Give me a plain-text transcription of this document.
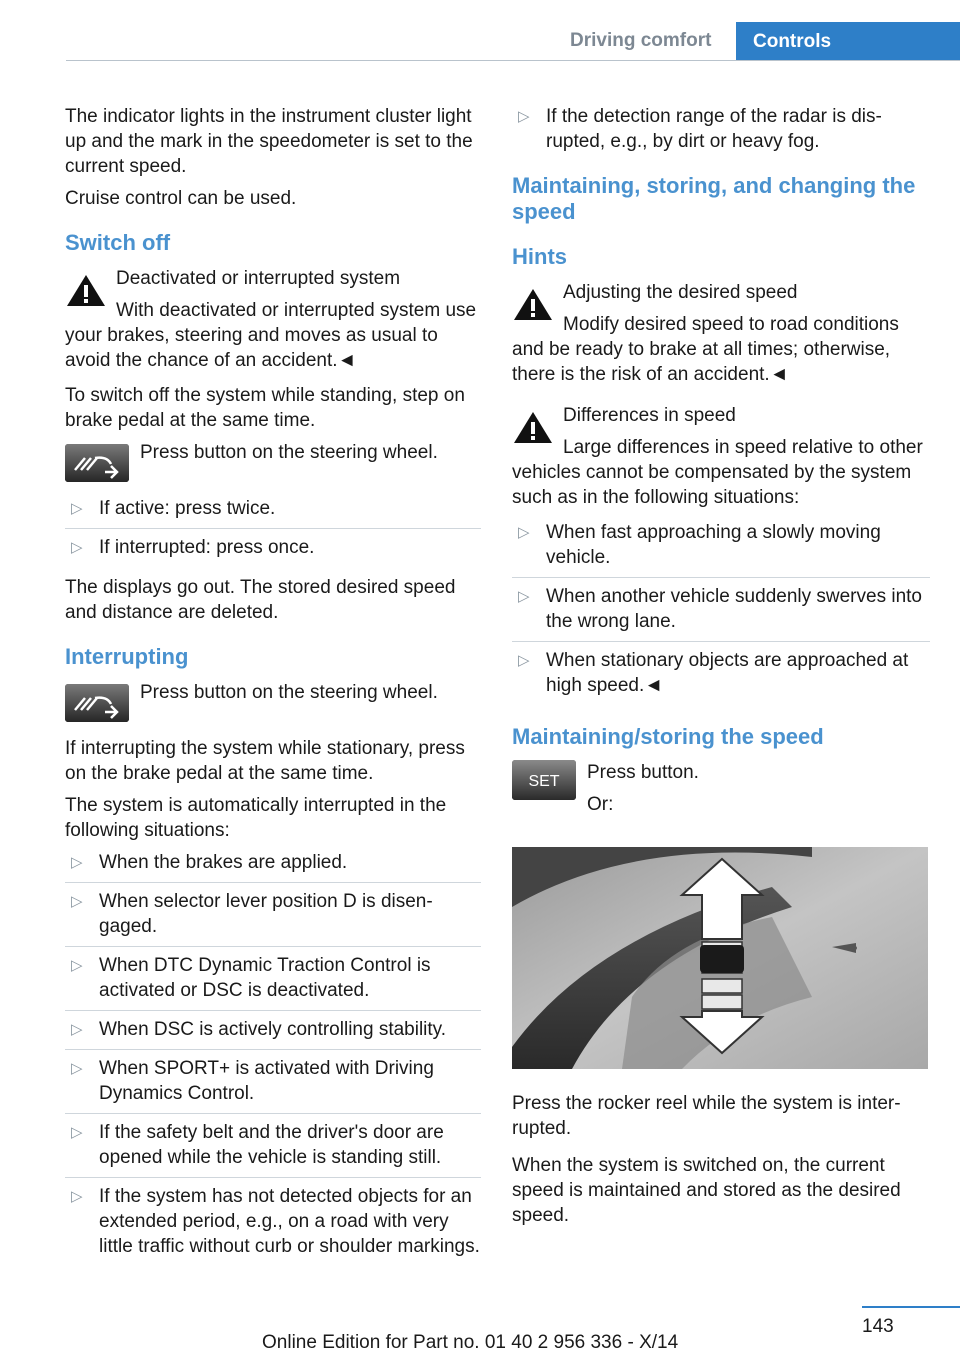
Driving comfort	Controls

The indicator lights in the instrument cluster light up and the mark in the speedometer is set to the current speed.

Cruise control can be used.

Switch off
Deactivated or interrupted system
With deactivated or interrupted system use your brakes, steering and moves as usual to avoid the chance of an accident.◄

To switch off the system while standing, step on brake pedal at the same time.

Press button on the steering wheel.
▷ If active: press twice.
▷ If interrupted: press once.

The displays go out. The stored desired speed and distance are deleted.

Interrupting
Press button on the steering wheel.

If interrupting the system while stationary, press on the brake pedal at the same time.

The system is automatically interrupted in the following situations:

▷ When the brakes are applied.
▷ When selector lever position D is disengaged.
▷ When DTC Dynamic Traction Control is activated or DSC is deactivated.
▷ When DSC is actively controlling stability.
▷ When SPORT+ is activated with Driving Dynamics Control.
▷ If the safety belt and the driver's door are opened while the vehicle is standing still.
▷ If the system has not detected objects for an extended period, e.g., on a road with very little traffic without curb or shoulder markings.
▷ If the detection range of the radar is disrupted, e.g., by dirt or heavy fog.
Maintaining, storing, and changing the speed
Hints
Adjusting the desired speed
Modify desired speed to road conditions and be ready to brake at all times; otherwise, there is the risk of an accident.◄
Differences in speed
Large differences in speed relative to other vehicles cannot be compensated by the system such as in the following situations:
▷ When fast approaching a slowly moving vehicle.
▷ When another vehicle suddenly swerves into the wrong lane.
▷ When stationary objects are approached at high speed.◄
Maintaining/storing the speed
SET	Press button.
Or:

Press the rocker reel while the system is interrupted.

When the system is switched on, the current speed is maintained and stored as the desired speed.

143
Online Edition for Part no. 01 40 2 956 336 - X/14
